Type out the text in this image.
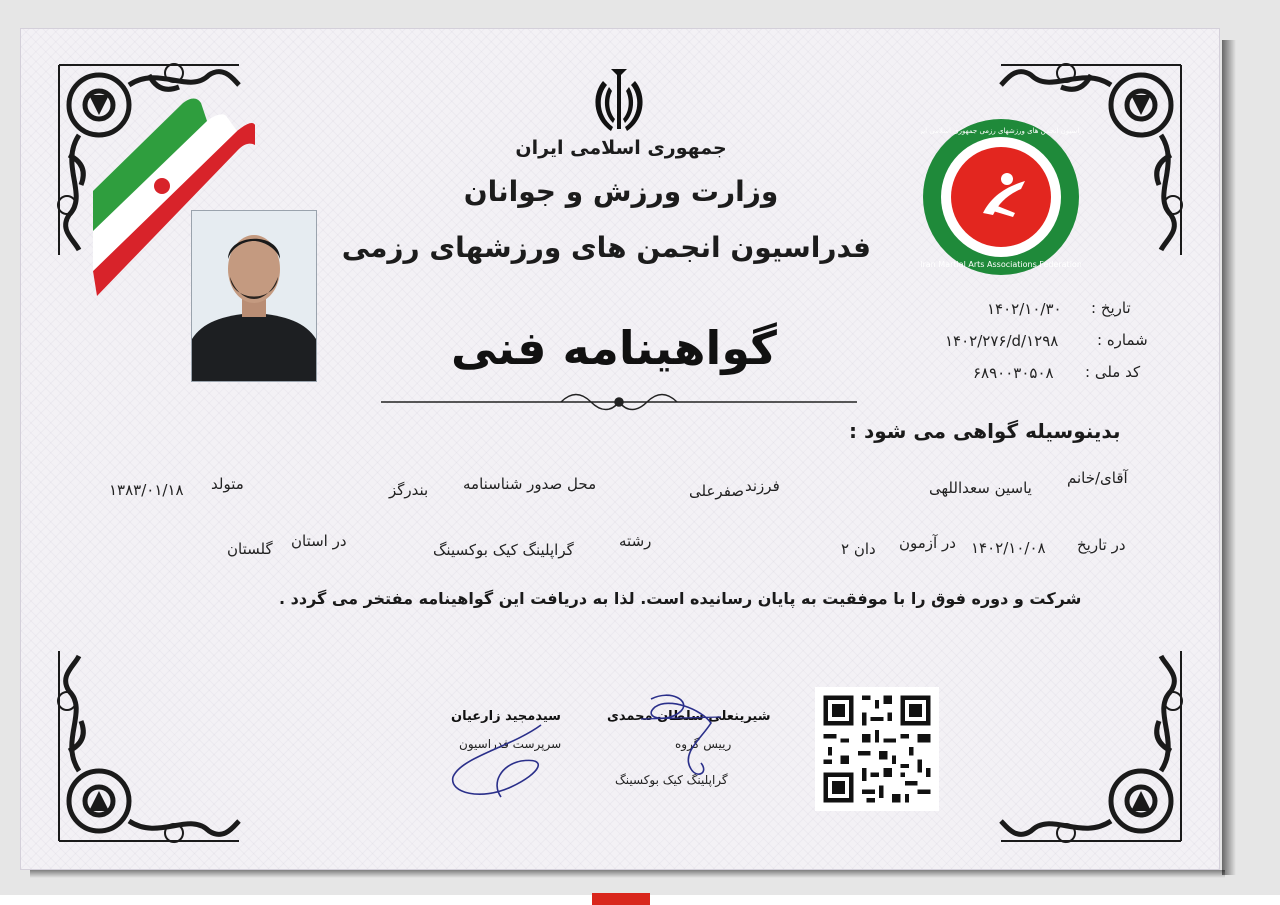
جمهوری اسلامی ایران
وزارت ورزش و جوانان
فدراسیون انجمن های ورزشهای رزمی
Iran Martial Arts Associations Federation
فدراسیون انجمن های ورزشهای رزمی جمهوری اسلامی ایران
گواهینامه فنی
تاریخ :
۱۴۰۲/۱۰/۳۰
شماره :
۱۴۰۲/۲۷۶/d/۱۲۹۸
کد ملی :
۶۸۹۰۰۳۰۵۰۸
بدینوسیله گواهی می شود :
آقای/خانم
یاسین سعداللهی
فرزند
صفرعلی
محل صدور شناسنامه
بندرگز
متولد
۱۳۸۳/۰۱/۱۸
در تاریخ
۱۴۰۲/۱۰/۰۸
در آزمون
دان ۲
رشته
گراپلینگ کیک بوکسینگ
در استان
گلستان
شرکت و دوره فوق را با موفقیت به پایان رسانیده است. لذا به دریافت این گواهینامه مفتخر می گردد .
سیدمجید زارعیان
سرپرست فدراسیون
شیرینعلی سلطان محمدی
رییس گروه
گراپلینگ کیک بوکسینگ
